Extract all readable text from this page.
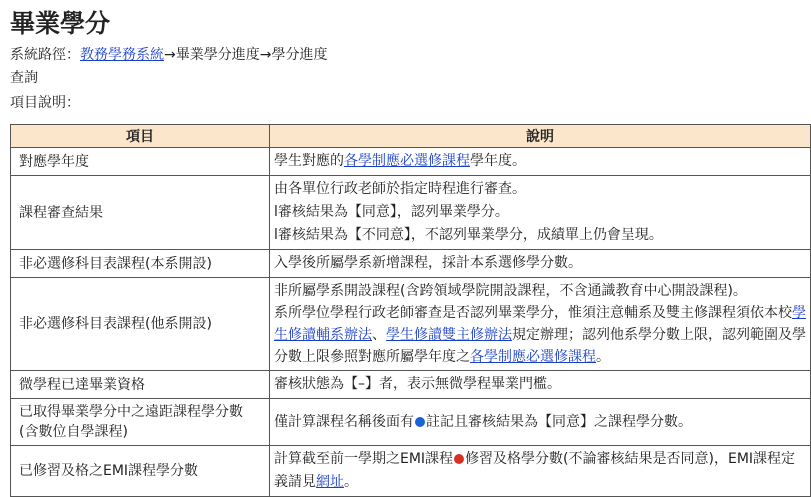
畢業學分
系統路徑：教務學務系統→畢業學分進度→學分進度查詢
項目說明：
項目	說明
對應學年度	學生對應的各學制應必選修課程學年度。
課程審查結果	由各單位行政老師於指定時程進行審查。
l審核結果為【同意】，認列畢業學分。
l審核結果為【不同意】，不認列畢業學分，成績單上仍會呈現。

非必選修科目表課程(本系開設)	入學後所屬學系新增課程，採計本系選修學分數。
非必選修科目表課程(他系開設)	非所屬學系開設課程(含跨領域學院開設課程，不含通識教育中心開設課程)。
系所學位學程行政老師審查是否認列畢業學分，惟須注意輔系及雙主修課程須依本校學生修讀輔系辦法、學生修讀雙主修辦法規定辦理；認列他系學分數上限，認列範圍及學分數上限參照對應所屬學年度之各學制應必選修課程。

微學程已達畢業資格	審核狀態為【–】者，表示無微學程畢業門檻。
已取得畢業學分中之遠距課程學分數(含數位自學課程)	僅計算課程名稱後面有 註記且審核結果為【同意】之課程學分數。
已修習及格之EMI課程學分數	計算截至前一學期之EMI課程 修習及格學分數(不論審核結果是否同意)，EMI課程定義請見網址。
